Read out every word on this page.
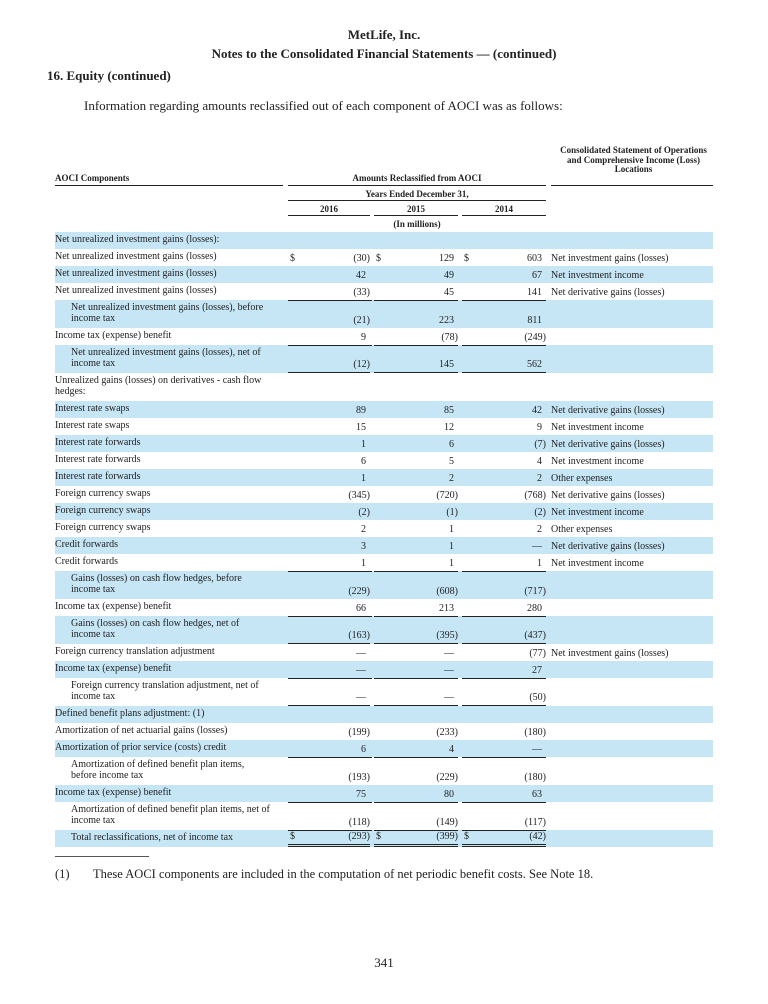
MetLife, Inc.
Notes to the Consolidated Financial Statements — (continued)
16. Equity (continued)
Information regarding amounts reclassified out of each component of AOCI was as follows:
AOCI Components	Amounts Reclassified from AOCI
Consolidated Statement of Operations and Comprehensive Income (Loss) Locations
Years Ended December 31,
2016	2015	2014
(In millions)
Net unrealized investment gains (losses):
Net unrealized investment gains (losses)	$	(30) $	129	$	603 Net investment gains (losses)
Net unrealized investment gains (losses)	42	49	67 Net investment income
Net unrealized investment gains (losses)	(33)	45	141 Net derivative gains (losses)
Net unrealized investment gains (losses), before income tax	(21)	223	811
Income tax (expense) benefit	9	(78)	(249)
Net unrealized investment gains (losses), net of income tax	(12)	145	562
Unrealized gains (losses) on derivatives - cash flow hedges:
Interest rate swaps	89	85	42 Net derivative gains (losses)
Interest rate swaps	15	12	9 Net investment income
Interest rate forwards	1	6	(7) Net derivative gains (losses)
Interest rate forwards	6	5	4 Net investment income
Interest rate forwards	1	2	2 Other expenses
Foreign currency swaps	(345)	(720)	(768) Net derivative gains (losses)
Foreign currency swaps	(2)	(1)	(2) Net investment income
Foreign currency swaps	2	1	2 Other expenses
Credit forwards	3	1	— Net derivative gains (losses)
Credit forwards	1	1	1 Net investment income
Gains (losses) on cash flow hedges, before income tax	(229)	(608)	(717)
Income tax (expense) benefit	66	213	280
Gains (losses) on cash flow hedges, net of income tax	(163)	(395)	(437)
Foreign currency translation adjustment	—	—	(77) Net investment gains (losses)
Income tax (expense) benefit	—	—	27
Foreign currency translation adjustment, net of income tax	—	—	(50)
Defined benefit plans adjustment: (1)
Amortization of net actuarial gains (losses)	(199)	(233)	(180)
Amortization of prior service (costs) credit	6	4	—
Amortization of defined benefit plan items, before income tax	(193)	(229)	(180)
Income tax (expense) benefit	75	80	63
Amortization of defined benefit plan items, net of income tax	(118)	(149)	(117)
Total reclassifications, net of income tax	$	(293) $	(399) $	(42)
(1) These AOCI components are included in the computation of net periodic benefit costs. See Note 18.
341
